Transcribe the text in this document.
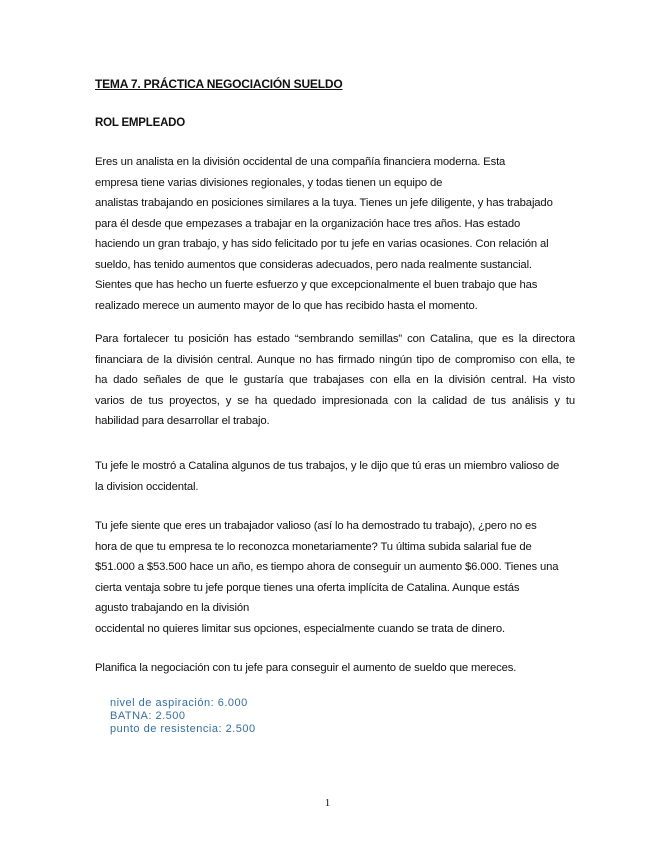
TEMA 7. PRÁCTICA NEGOCIACIÓN SUELDO
ROL EMPLEADO
Eres un analista en la división occidental de una compañía financiera moderna. Esta
empresa tiene varias divisiones regionales, y todas tienen un equipo de
analistas trabajando en posiciones similares a la tuya. Tienes un jefe diligente, y has trabajado
para él desde que empezases a trabajar en la organización hace tres años. Has estado
haciendo un gran trabajo, y has sido felicitado por tu jefe en varias ocasiones. Con relación al
sueldo, has tenido aumentos que consideras adecuados, pero nada realmente sustancial.
Sientes que has hecho un fuerte esfuerzo y que excepcionalmente el buen trabajo que has
realizado merece un aumento mayor de lo que has recibido hasta el momento.
Para fortalecer tu posición has estado “sembrando semillas” con Catalina, que es la directora
financiara de la división central. Aunque no has firmado ningún tipo de compromiso con ella, te
ha dado señales de que le gustaría que trabajases con ella en la división central. Ha visto
varios de tus proyectos, y se ha quedado impresionada con la calidad de tus análisis y tu
habilidad para desarrollar el trabajo.
Tu jefe le mostró a Catalina algunos de tus trabajos, y le dijo que tú eras un miembro valioso de
la division occidental.
Tu jefe siente que eres un trabajador valioso (así lo ha demostrado tu trabajo), ¿pero no es
hora de que tu empresa te lo reconozca monetariamente? Tu última subida salarial fue de
$51.000 a $53.500 hace un año, es tiempo ahora de conseguir un aumento $6.000. Tienes una
cierta ventaja sobre tu jefe porque tienes una oferta implícita de Catalina. Aunque estás
agusto trabajando en la división
occidental no quieres limitar sus opciones, especialmente cuando se trata de dinero.
Planifica la negociación con tu jefe para conseguir el aumento de sueldo que mereces.
nivel de aspiración: 6.000
BATNA: 2.500
punto de resistencia: 2.500
1
